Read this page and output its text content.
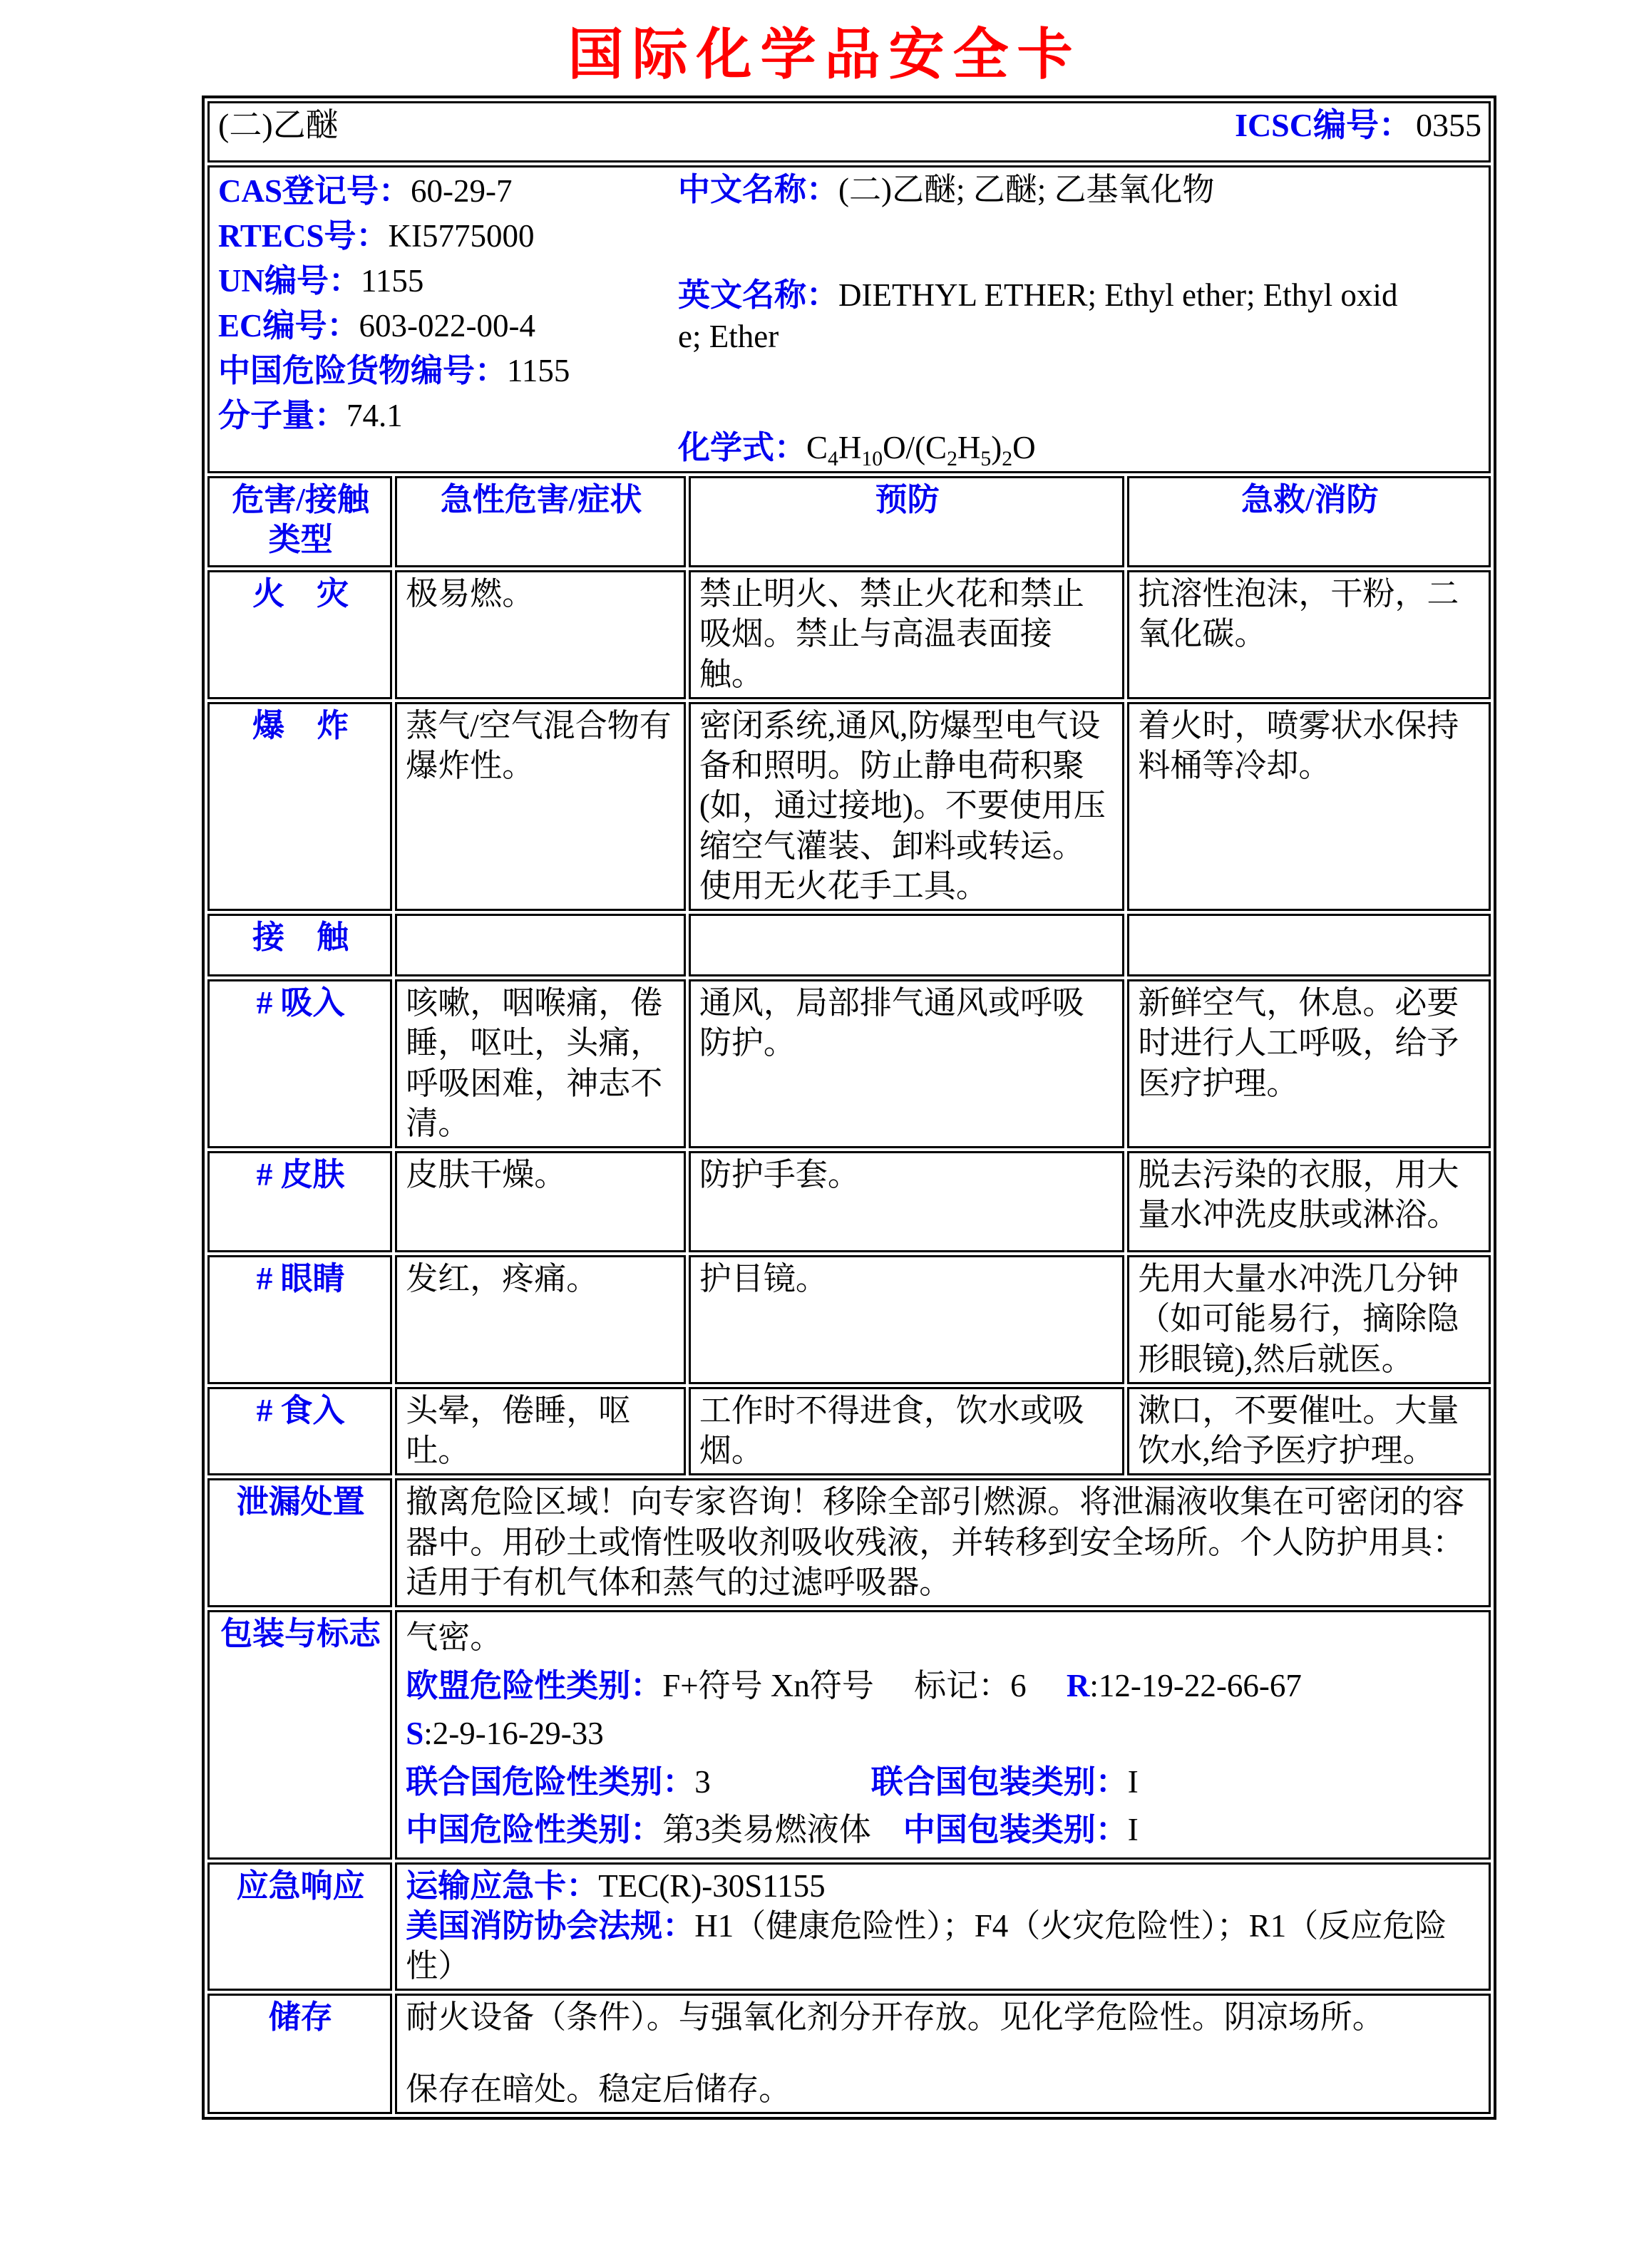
国际化学品安全卡
(二)乙醚 ICSC编号： 0355			

CAS登记号：60-29-7
RTECS号：KI5775000
UN编号：1155
EC编号：603-022-00-4
中国危险货物编号：1155
分子量：74.1
中文名称：(二)乙醚; 乙醚; 乙基氧化物
英文名称：DIETHYL ETHER; Ethyl ether; Ethyl oxide; Ether
化学式：$C_4H_{10}O/(C_2H_5)_2O$

危害/接触类型	急性危害/症状	预防	急救/消防
火　灾	极易燃。	禁止明火、禁止火花和禁止吸烟。禁止与高温表面接触。	抗溶性泡沫，干粉，二氧化碳。
爆　炸	蒸气/空气混合物有爆炸性。	密闭系统,通风,防爆型电气设备和照明。防止静电荷积聚(如，通过接地)。不要使用压缩空气灌装、卸料或转运。使用无火花手工具。	着火时，喷雾状水保持料桶等冷却。
接　触			
# 吸入	咳嗽，咽喉痛，倦睡，呕吐，头痛，呼吸困难，神志不清。	通风，局部排气通风或呼吸防护。	新鲜空气，休息。必要时进行人工呼吸，给予医疗护理。
# 皮肤	皮肤干燥。	防护手套。	脱去污染的衣服，用大量水冲洗皮肤或淋浴。
# 眼睛	发红，疼痛。	护目镜。	先用大量水冲洗几分钟（如可能易行，摘除隐形眼镜),然后就医。
# 食入	头晕，倦睡，呕吐。	工作时不得进食，饮水或吸烟。	漱口，不要催吐。大量饮水,给予医疗护理。
泄漏处置	撤离危险区域！向专家咨询！移除全部引燃源。将泄漏液收集在可密闭的容器中。用砂土或惰性吸收剂吸收残液，并转移到安全场所。个人防护用具：适用于有机气体和蒸气的过滤呼吸器。		

包装与标志	气密。
欧盟危险性类别：F+符号 Xn符号　 标记：6　 R:12-19-22-66-67
S:2-9-16-29-33
联合国危险性类别：3　　　　　联合国包装类别：I
中国危险性类别：第3类易燃液体　中国包装类别：I		

应急响应	运输应急卡：TEC(R)-30S1155
美国消防协会法规：H1（健康危险性）；F4（火灾危险性）；R1（反应危险性）		

储存	耐火设备（条件）。与强氧化剂分开存放。见化学危险性。阴凉场所。
保存在暗处。稳定后储存。		
